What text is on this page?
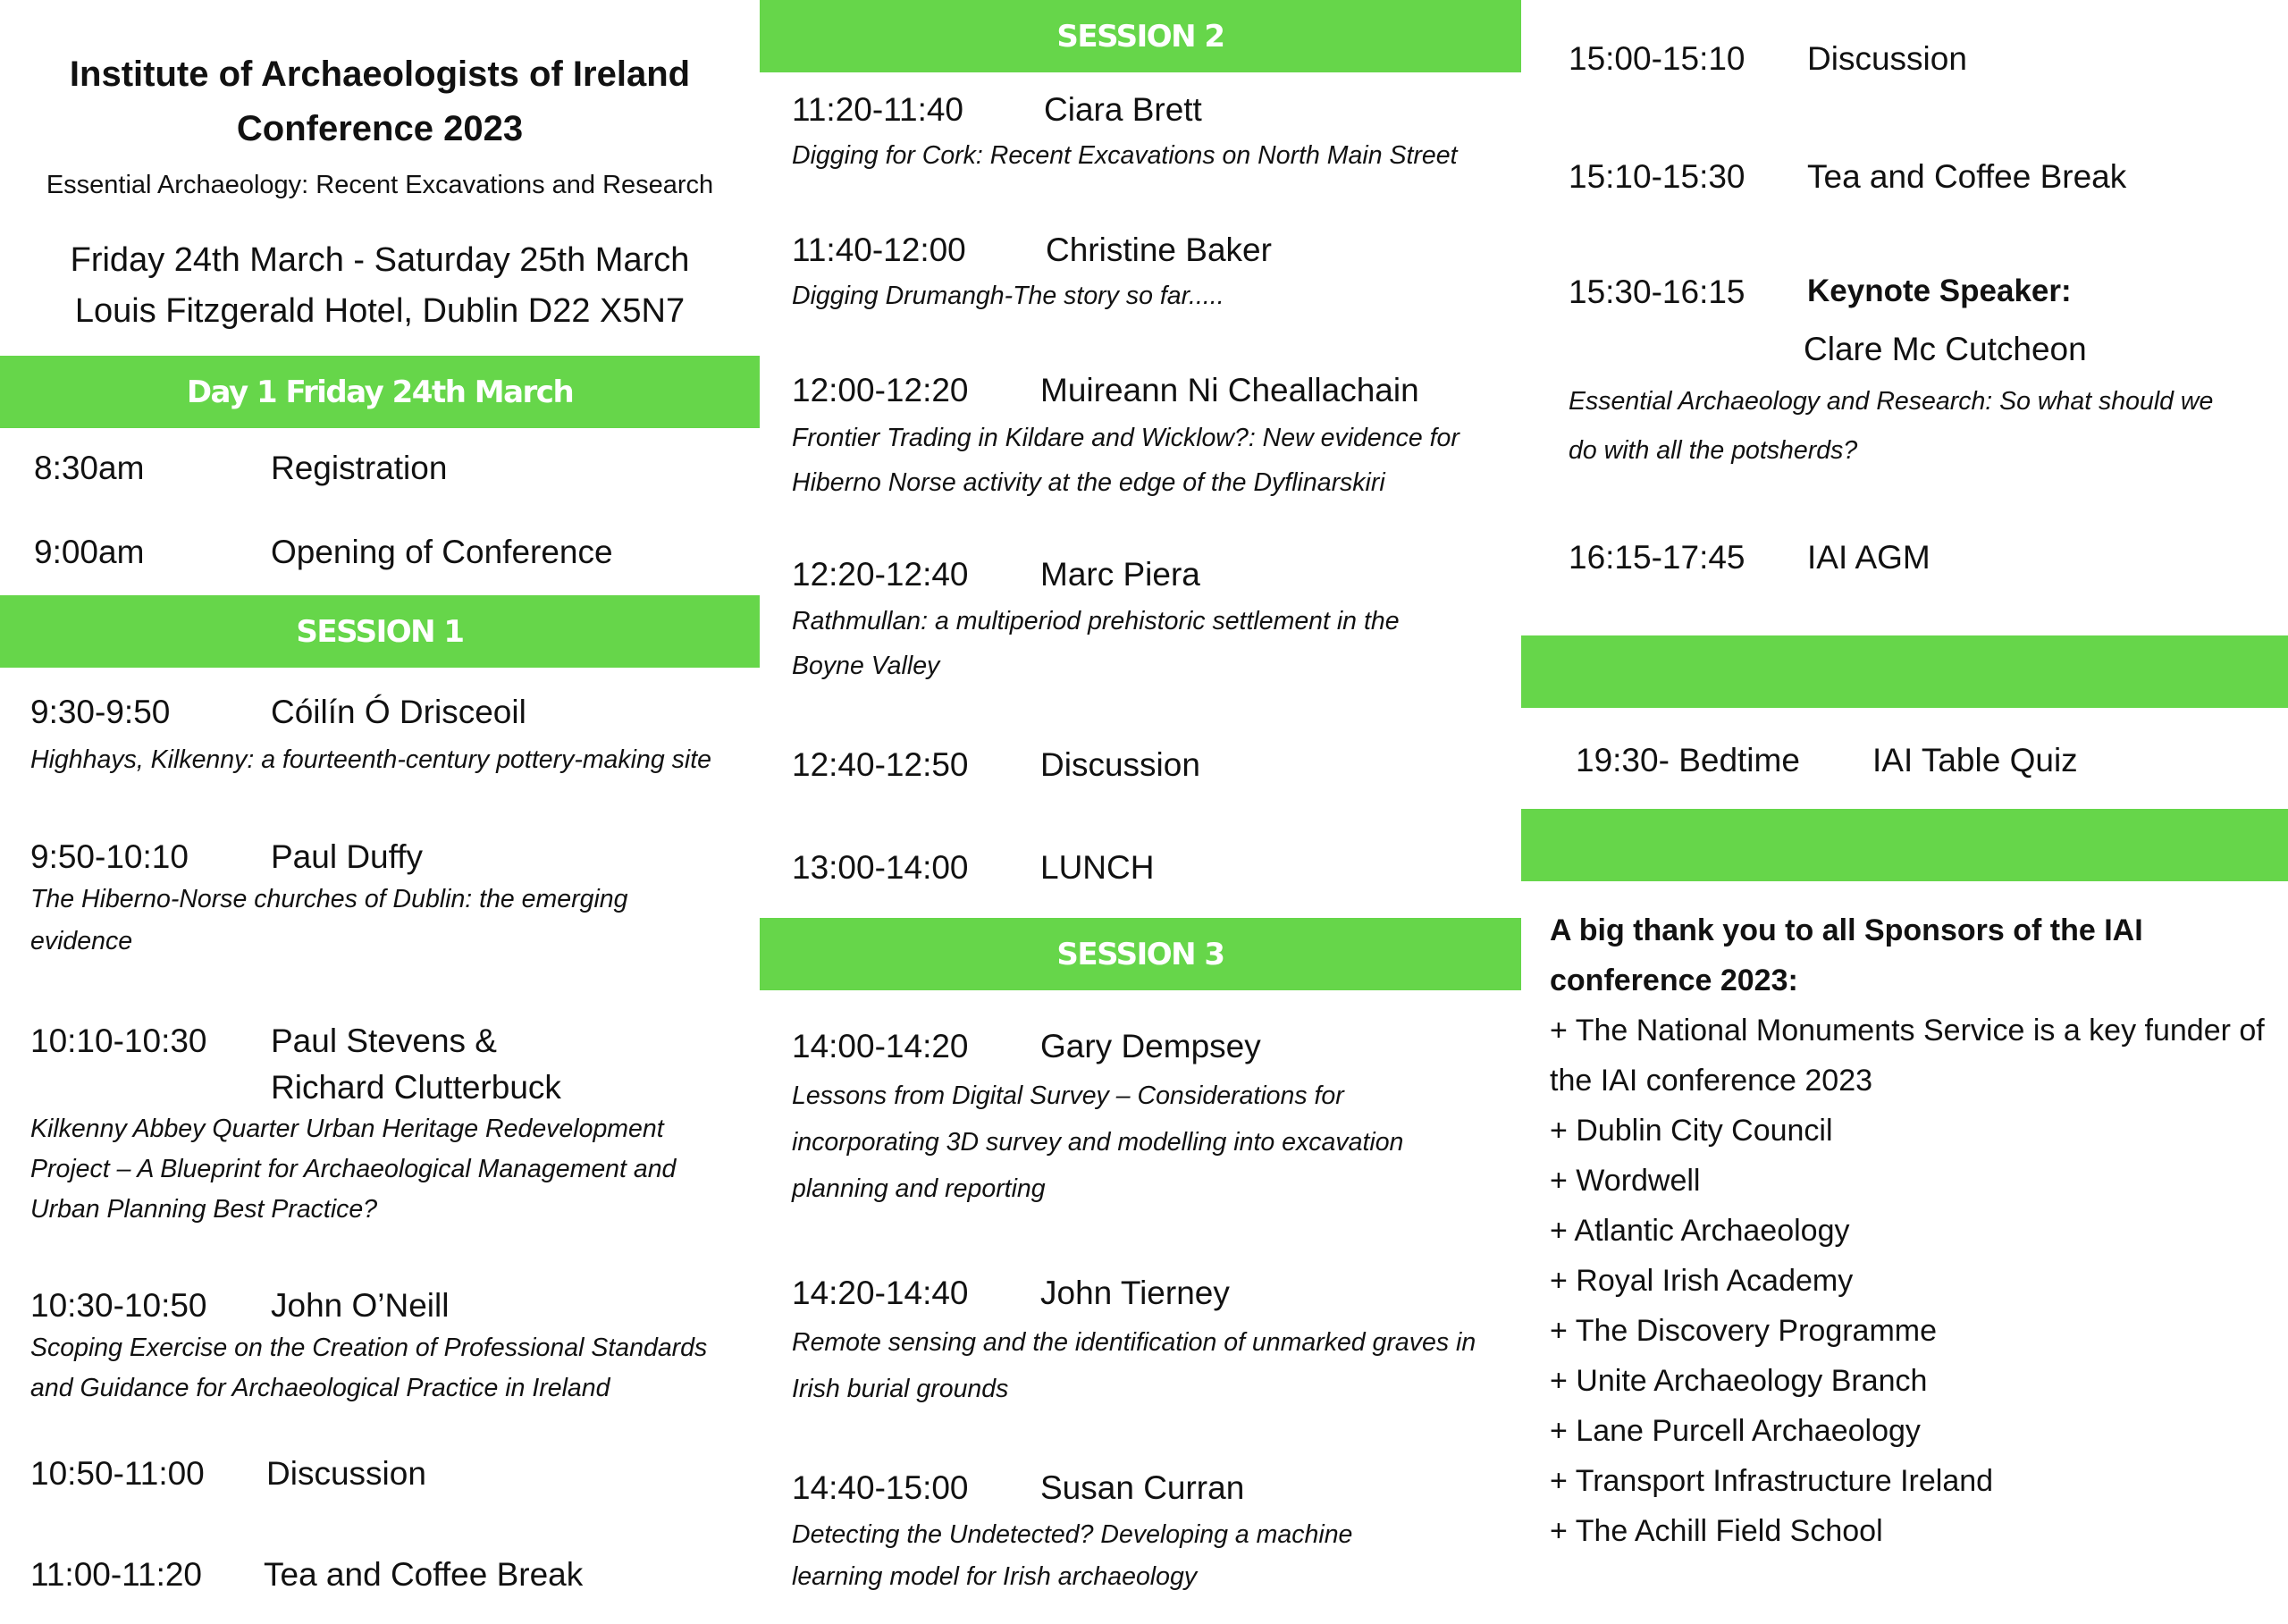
Institute of Archaeologists of Ireland
Conference 2023
Essential Archaeology: Recent Excavations and Research
Friday 24th March - Saturday 25th March
Louis Fitzgerald Hotel, Dublin D22 X5N7
Day 1 Friday 24th March
8:30am	Registration
9:00am	Opening of Conference
SESSION 1
9:30-9:50	Cóilín Ó Drisceoil
Highhays, Kilkenny: a fourteenth-century pottery-making site
9:50-10:10 Paul Duffy
The Hiberno-Norse churches of Dublin: the emerging evidence
10:10-10:30 Paul Stevens &
Richard Clutterbuck
Kilkenny Abbey Quarter Urban Heritage Redevelopment Project – A Blueprint for Archaeological Management and Urban Planning Best Practice?
10:30-10:50 John O’Neill
Scoping Exercise on the Creation of Professional Standards and Guidance for Archaeological Practice in Ireland
10:50-11:00 Discussion
11:00-11:20 Tea and Coffee Break
SESSION 2
11:20-11:40 Ciara Brett
Digging for Cork: Recent Excavations on North Main Street
11:40-12:00 Christine Baker
Digging Drumangh-The story so far.....
12:00-12:20 Muireann Ni Cheallachain
Frontier Trading in Kildare and Wicklow?: New evidence for Hiberno Norse activity at the edge of the Dyflinarskiri
12:20-12:40 Marc Piera
Rathmullan: a multiperiod prehistoric settlement in the Boyne Valley
12:40-12:50 Discussion
13:00-14:00 LUNCH
SESSION 3
14:00-14:20 Gary Dempsey
Lessons from Digital Survey – Considerations for incorporating 3D survey and modelling into excavation planning and reporting
14:20-14:40 John Tierney
Remote sensing and the identification of unmarked graves in Irish burial grounds
14:40-15:00 Susan Curran
Detecting the Undetected? Developing a machine learning model for Irish archaeology
15:00-15:10 Discussion
15:10-15:30 Tea and Coffee Break
15:30-16:15 Keynote Speaker:
Clare Mc Cutcheon
Essential Archaeology and Research: So what should we do with all the potsherds?
16:15-17:45 IAI AGM
19:30- Bedtime IAI Table Quiz
A big thank you to all Sponsors of the IAI conference 2023:
+ The National Monuments Service is a key funder of the IAI conference 2023
+ Dublin City Council
+ Wordwell
+ Atlantic Archaeology
+ Royal Irish Academy
+ The Discovery Programme
+ Unite Archaeology Branch
+ Lane Purcell Archaeology
+ Transport Infrastructure Ireland
+ The Achill Field School
